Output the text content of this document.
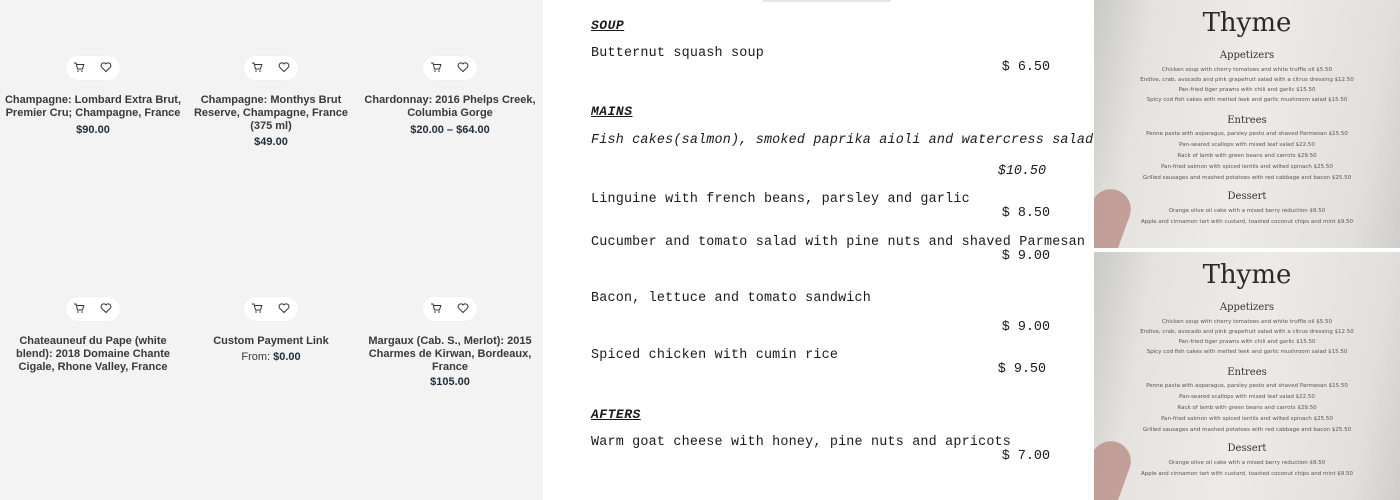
Champagne: Lombard Extra Brut, Premier Cru; Champagne, France
$90.00
Champagne: Monthys Brut Reserve, Champagne, France (375 ml)
$49.00
Chardonnay: 2016 Phelps Creek, Columbia Gorge
$20.00 – $64.00
Chateauneuf du Pape (white blend): 2018 Domaine Chante Cigale, Rhone Valley, France
Custom Payment Link
From: $0.00
Margaux (Cab. S., Merlot): 2015 Charmes de Kirwan, Bordeaux, France
$105.00
SOUP
Butternut squash soup
$ 6.50
MAINS
Fish cakes(salmon), smoked paprika aioli and watercress salad
$10.50
Linguine with french beans, parsley and garlic
$ 8.50
Cucumber and tomato salad with pine nuts and shaved Parmesan
$ 9.00
Bacon, lettuce and tomato sandwich
$ 9.00
Spiced chicken with cumin rice
$ 9.50
AFTERS
Warm goat cheese with honey, pine nuts and apricots
$ 7.00
Thyme
Appetizers
Chicken soup with cherry tomatoes and white truffle oil $5.50
Endive, crab, avocado and pink grapefruit salad with a citrus dressing $12.50
Pan-fried tiger prawns with chili and garlic $15.50
Spicy cod fish cakes with melted leek and garlic mushroom salad $15.50
Entrees
Penne pasta with asparagus, parsley pesto and shaved Parmesan $15.50
Pan-seared scallops with mixed leaf salad $22.50
Rack of lamb with green beans and carrots $29.50
Pan-fried salmon with spiced lentils and wilted spinach $25.50
Grilled sausages and mashed potatoes with red cabbage and bacon $25.50
Dessert
Orange olive oil cake with a mixed berry reduction $9.50
Apple and cinnamon tart with custard, toasted coconut chips and mint $9.50
Thyme
Appetizers
Chicken soup with cherry tomatoes and white truffle oil $5.50
Endive, crab, avocado and pink grapefruit salad with a citrus dressing $12.50
Pan-fried tiger prawns with chili and garlic $15.50
Spicy cod fish cakes with melted leek and garlic mushroom salad $15.50
Entrees
Penne pasta with asparagus, parsley pesto and shaved Parmesan $15.50
Pan-seared scallops with mixed leaf salad $22.50
Rack of lamb with green beans and carrots $29.50
Pan-fried salmon with spiced lentils and wilted spinach $25.50
Grilled sausages and mashed potatoes with red cabbage and bacon $25.50
Dessert
Orange olive oil cake with a mixed berry reduction $9.50
Apple and cinnamon tart with custard, toasted coconut chips and mint $9.50
